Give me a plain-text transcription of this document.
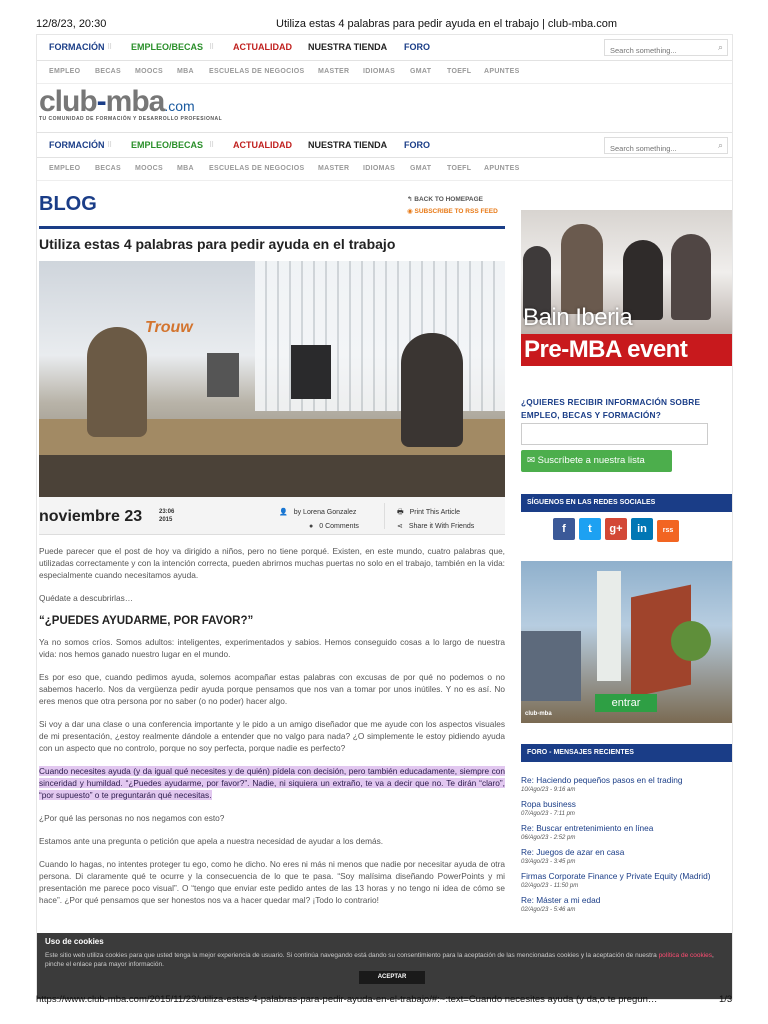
12/8/23, 20:30	Utiliza estas 4 palabras para pedir ayuda en el trabajo | club-mba.com
FORMACIÓN ⠿ EMPLEO/BECAS ⠿ ACTUALIDAD NUESTRA TIENDA FORO
Search something...	⌕
EMPLEO BECAS MOOCS MBA ESCUELAS DE NEGOCIOS MASTER IDIOMAS GMAT TOEFL APUNTES
club-mba.com
TU COMUNIDAD DE FORMACIÓN Y DESARROLLO PROFESIONAL
FORMACIÓN ⠿ EMPLEO/BECAS ⠿ ACTUALIDAD NUESTRA TIENDA FORO
Search something...	⌕
EMPLEO BECAS MOOCS MBA ESCUELAS DE NEGOCIOS MASTER IDIOMAS GMAT TOEFL APUNTES
BLOG	↰ BACK TO HOMEPAGE
◉ SUBSCRIBE TO RSS FEED
Utiliza estas 4 palabras para pedir ayuda en el trabajo
Trouw
noviembre 23	23:06
2015
👤 by Lorena Gonzalez
● 0 Comments
🖶 Print This Article
⋖ Share it With Friends

Puede parecer que el post de hoy va dirigido a niños, pero no tiene porqué. Existen, en este mundo, cuatro palabras que, utilizadas correctamente y con la intención correcta, pueden abrirnos muchas puertas no solo en el trabajo, también en la vida: especialmente cuando necesitamos ayuda.

Quédate a descubrirlas…

“¿PUEDES AYUDARME, POR FAVOR?”

Ya no somos críos. Somos adultos: inteligentes, experimentados y sabios. Hemos conseguido cosas a lo largo de nuestra vida: nos hemos ganado nuestro lugar en el mundo.

Es por eso que, cuando pedimos ayuda, solemos acompañar estas palabras con excusas de por qué no podemos o no sabemos hacerlo. Nos da vergüenza pedir ayuda porque pensamos que nos van a tomar por unos inútiles. Y no es así. No eres menos que otra persona por no saber (o no poder) hacer algo.

Si voy a dar una clase o una conferencia importante y le pido a un amigo diseñador que me ayude con los aspectos visuales de mi presentación, ¿estoy realmente dándole a entender que no valgo para nada? ¿O simplemente le estoy pidiendo ayuda con un aspecto que no controlo, porque no soy perfecta, porque nadie es perfecto?

Cuando necesites ayuda (y da igual qué necesites y de quién) pídela con decisión, pero también educadamente, siempre con sinceridad y humildad. “¿Puedes ayudarme, por favor?”. Nadie, ni siquiera un extraño, te va a decir que no. Te dirán “claro”, “por supuesto” o te preguntarán qué necesitas.

¿Por qué las personas no nos negamos con esto?

Estamos ante una pregunta o petición que apela a nuestra necesidad de ayudar a los demás.

Cuando lo hagas, no intentes proteger tu ego, como he dicho. No eres ni más ni menos que nadie por necesitar ayuda de otra persona. Di claramente qué te ocurre y la consecuencia de lo que te pasa. “Soy malísima diseñando PowerPoints y mi presentación me parece poco visual”. O “tengo que enviar este pedido antes de las 13 horas y no tengo ni idea de cómo se hace”. ¿Por qué pensamos que ser honestos nos va a hacer quedar mal? ¡Todo lo contrario!

Bain Iberia
Pre-MBA event
¿QUIERES RECIBIR INFORMACIÓN SOBRE EMPLEO, BECAS Y FORMACIÓN?
✉ Suscríbete a nuestra lista
SÍGUENOS EN LAS REDES SOCIALES
f t g+ in rss
entrar
club-mba
FORO - MENSAJES RECIENTES
Re: Haciendo pequeños pasos en el trading
10/Ago/23 - 9:16 am
Ropa business
07/Ago/23 - 7:11 pm
Re: Buscar entretenimiento en línea
06/Ago/23 - 2:52 pm
Re: Juegos de azar en casa
03/Ago/23 - 3:45 pm
Firmas Corporate Finance y Private Equity (Madrid)
02/Ago/23 - 11:50 pm
Re: Máster a mi edad
02/Ago/23 - 5:46 am
Uso de cookies
Este sitio web utiliza cookies para que usted tenga la mejor experiencia de usuario. Si continúa navegando está dando su consentimiento para la aceptación de las mencionadas cookies y la aceptación de nuestra política de cookies, pinche el enlace para mayor información.
ACEPTAR
https://www.club-mba.com/2015/11/23/utiliza-estas-4-palabras-para-pedir-ayuda-en-el-trabajo/#:~:text=Cuando necesites ayuda (y da,o te pregun…	1/3
